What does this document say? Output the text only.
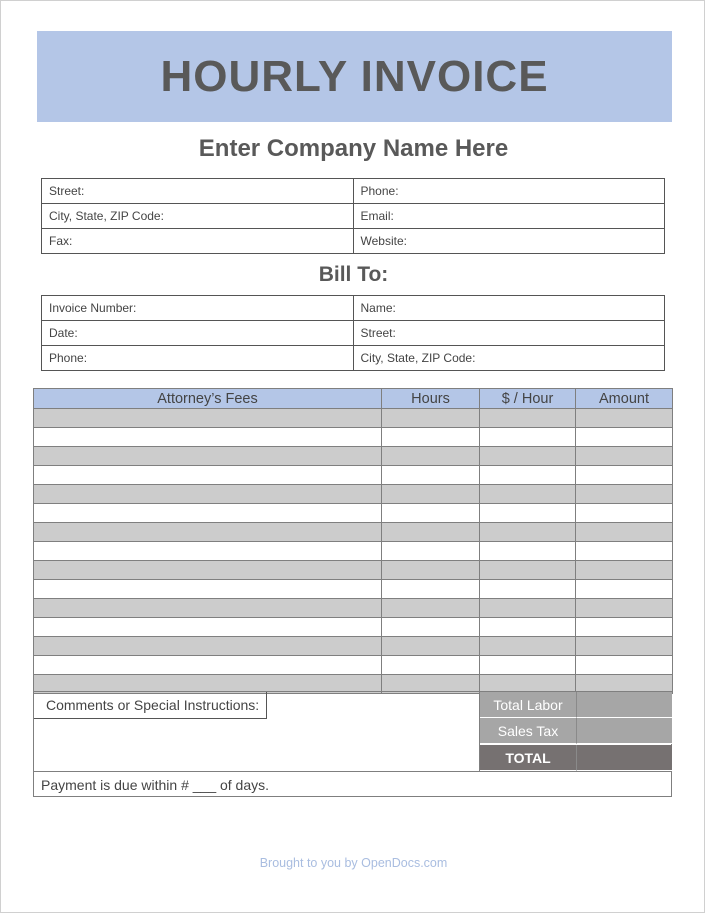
HOURLY INVOICE
Enter Company Name Here
Street:	Phone:
City, State, ZIP Code:	Email:
Fax:	Website:
Bill To:
Invoice Number:	Name:
Date:	Street:
Phone:	City, State, ZIP Code:
Attorney’s Fees	Hours	$ / Hour	Amount

Comments or Special Instructions:	Total Labor
Sales Tax
TOTAL
Payment is due within # ___ of days.
Brought to you by OpenDocs.com
